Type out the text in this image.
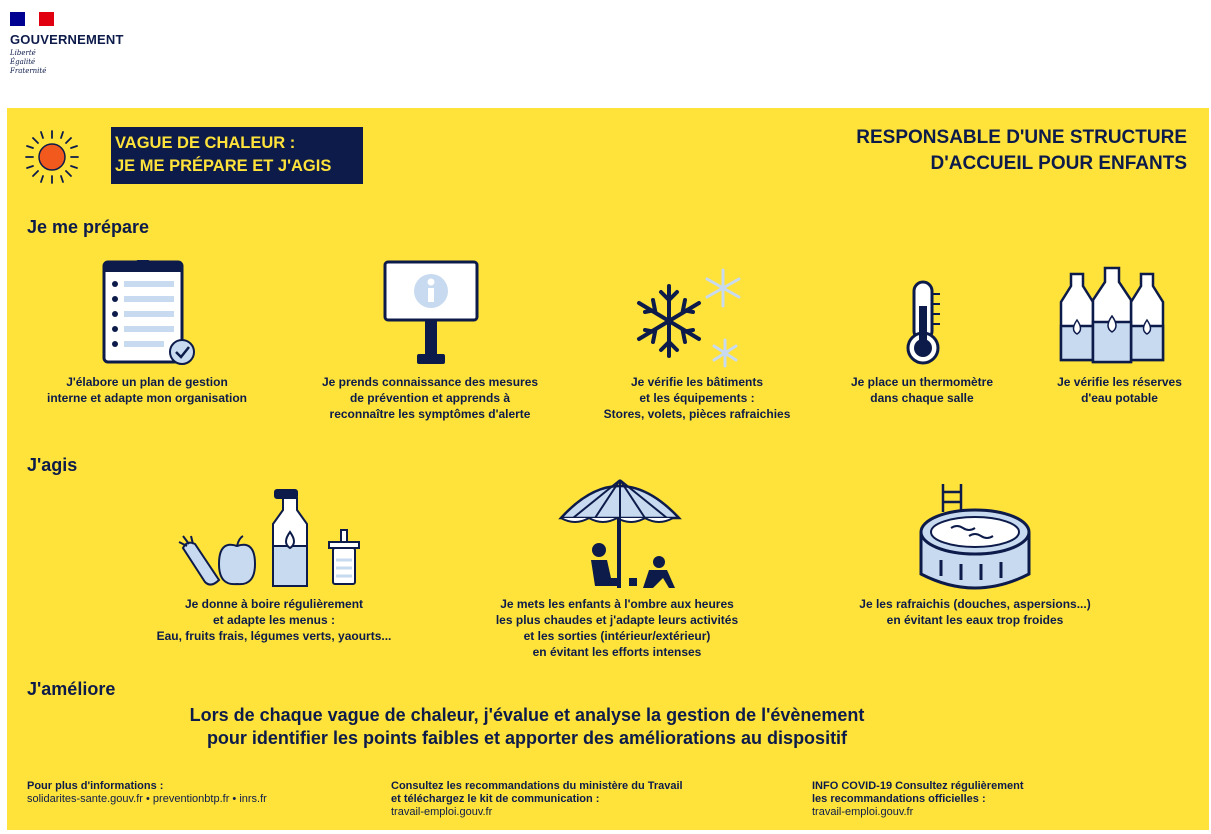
GOUVERNEMENT
Liberté
Égalité
Fraternité
VAGUE DE CHALEUR :
JE ME PRÉPARE ET J'AGIS
RESPONSABLE D'UNE STRUCTURE
D'ACCUEIL POUR ENFANTS
Je me prépare
J'élabore un plan de gestion
interne et adapte mon organisation
Je prends connaissance des mesures
de prévention et apprends à
reconnaître les symptômes d'alerte
Je vérifie les bâtiments
et les équipements :
Stores, volets, pièces rafraichies
Je place un thermomètre
dans chaque salle
Je vérifie les réserves
d'eau potable
J'agis
Je donne à boire régulièrement
et adapte les menus :
Eau, fruits frais, légumes verts, yaourts...
Je mets les enfants à l'ombre aux heures
les plus chaudes et j'adapte leurs activités
et les sorties (intérieur/extérieur)
en évitant les efforts intenses
Je les rafraichis (douches, aspersions...)
en évitant les eaux trop froides
J'améliore
Lors de chaque vague de chaleur, j'évalue et analyse la gestion de l'évènement
pour identifier les points faibles et apporter des améliorations au dispositif
Pour plus d'informations :
solidarites-sante.gouv.fr • preventionbtp.fr • inrs.fr
Consultez les recommandations du ministère du Travail
et téléchargez le kit de communication :
travail-emploi.gouv.fr
INFO COVID-19 Consultez régulièrement
les recommandations officielles :
travail-emploi.gouv.fr
